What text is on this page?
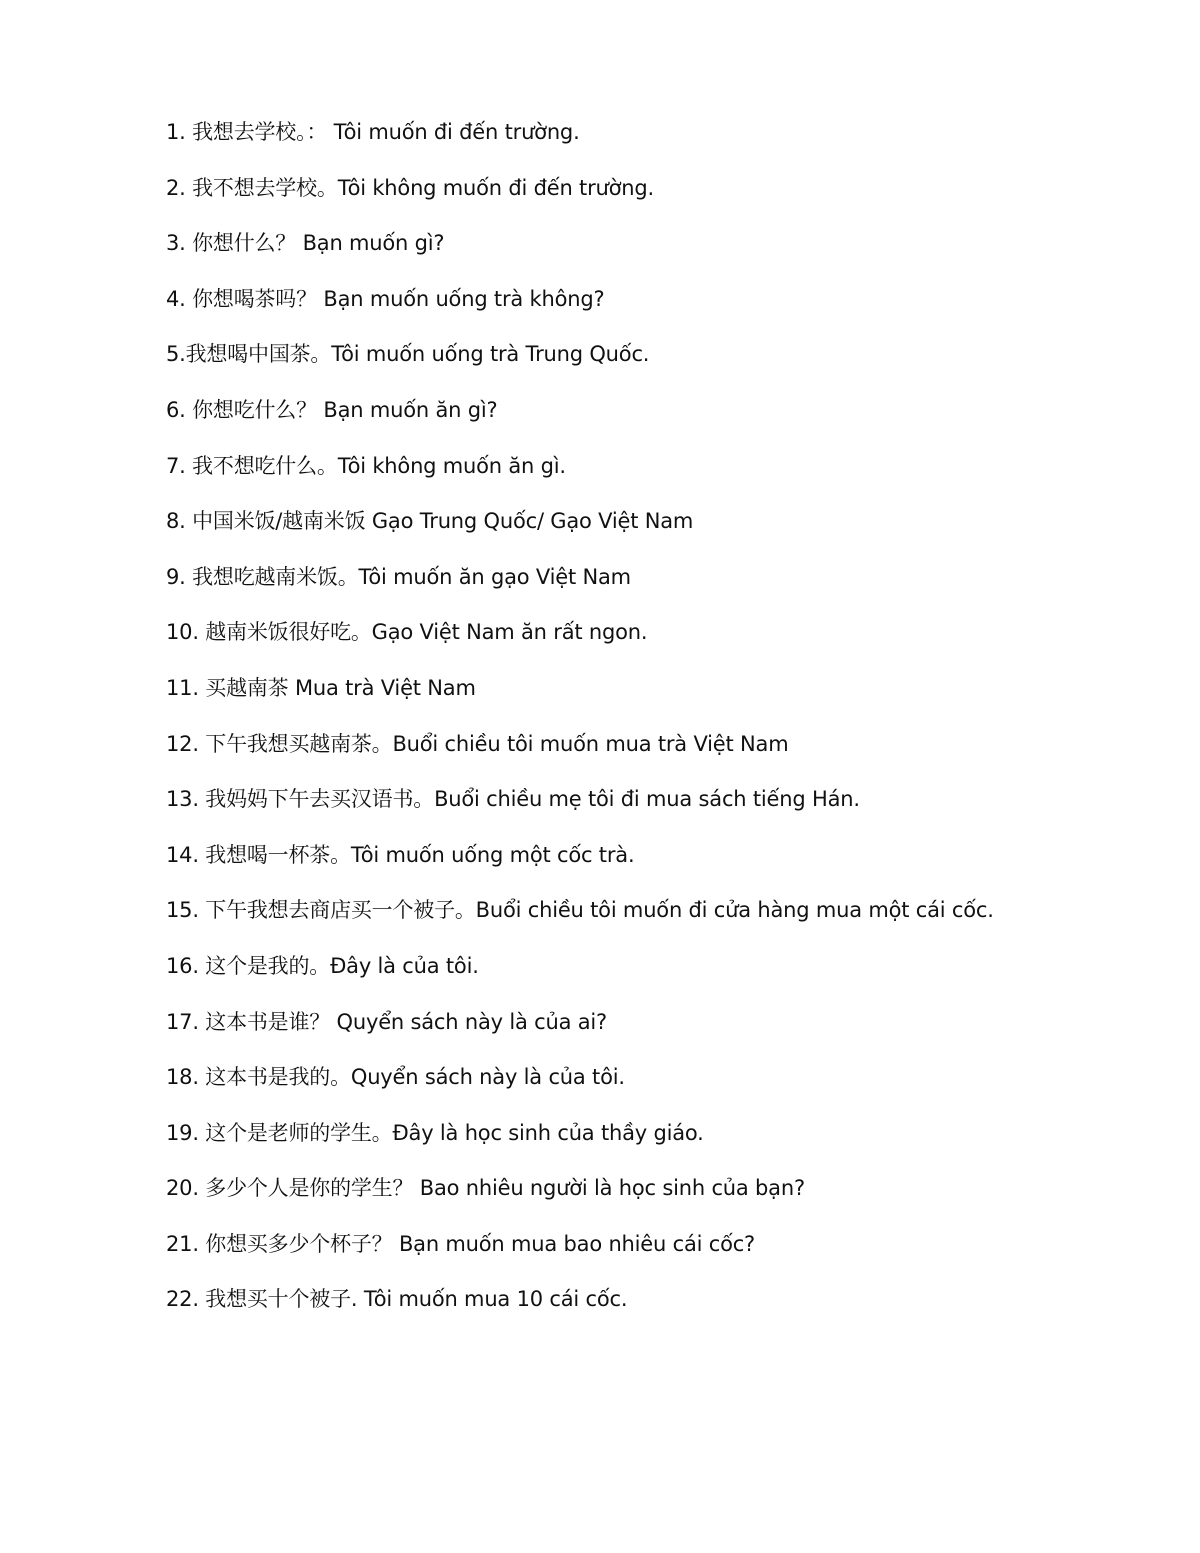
1. 我想去学校。： Tôi muốn đi đến trường.
2. 我不想去学校。Tôi không muốn đi đến trường.
3. 你想什么？ Bạn muốn gì?
4. 你想喝茶吗？ Bạn muốn uống trà không?
5.我想喝中国茶。Tôi muốn uống trà Trung Quốc.
6. 你想吃什么？ Bạn muốn ăn gì?
7. 我不想吃什么。Tôi không muốn ăn gì.
8. 中国米饭/越南米饭 Gạo Trung Quốc/ Gạo Việt Nam
9. 我想吃越南米饭。Tôi muốn ăn gạo Việt Nam
10. 越南米饭很好吃。Gạo Việt Nam ăn rất ngon.
11. 买越南茶 Mua trà Việt Nam
12. 下午我想买越南茶。Buổi chiều tôi muốn mua trà Việt Nam
13. 我妈妈下午去买汉语书。Buổi chiều mẹ tôi đi mua sách tiếng Hán.
14. 我想喝一杯茶。Tôi muốn uống một cốc trà.
15. 下午我想去商店买一个被子。Buổi chiều tôi muốn đi cửa hàng mua một cái cốc.
16. 这个是我的。Đây là của tôi.
17. 这本书是谁？ Quyển sách này là của ai?
18. 这本书是我的。Quyển sách này là của tôi.
19. 这个是老师的学生。Đây là học sinh của thầy giáo.
20. 多少个人是你的学生？ Bao nhiêu người là học sinh của bạn?
21. 你想买多少个杯子？ Bạn muốn mua bao nhiêu cái cốc?
22. 我想买十个被子. Tôi muốn mua 10 cái cốc.
